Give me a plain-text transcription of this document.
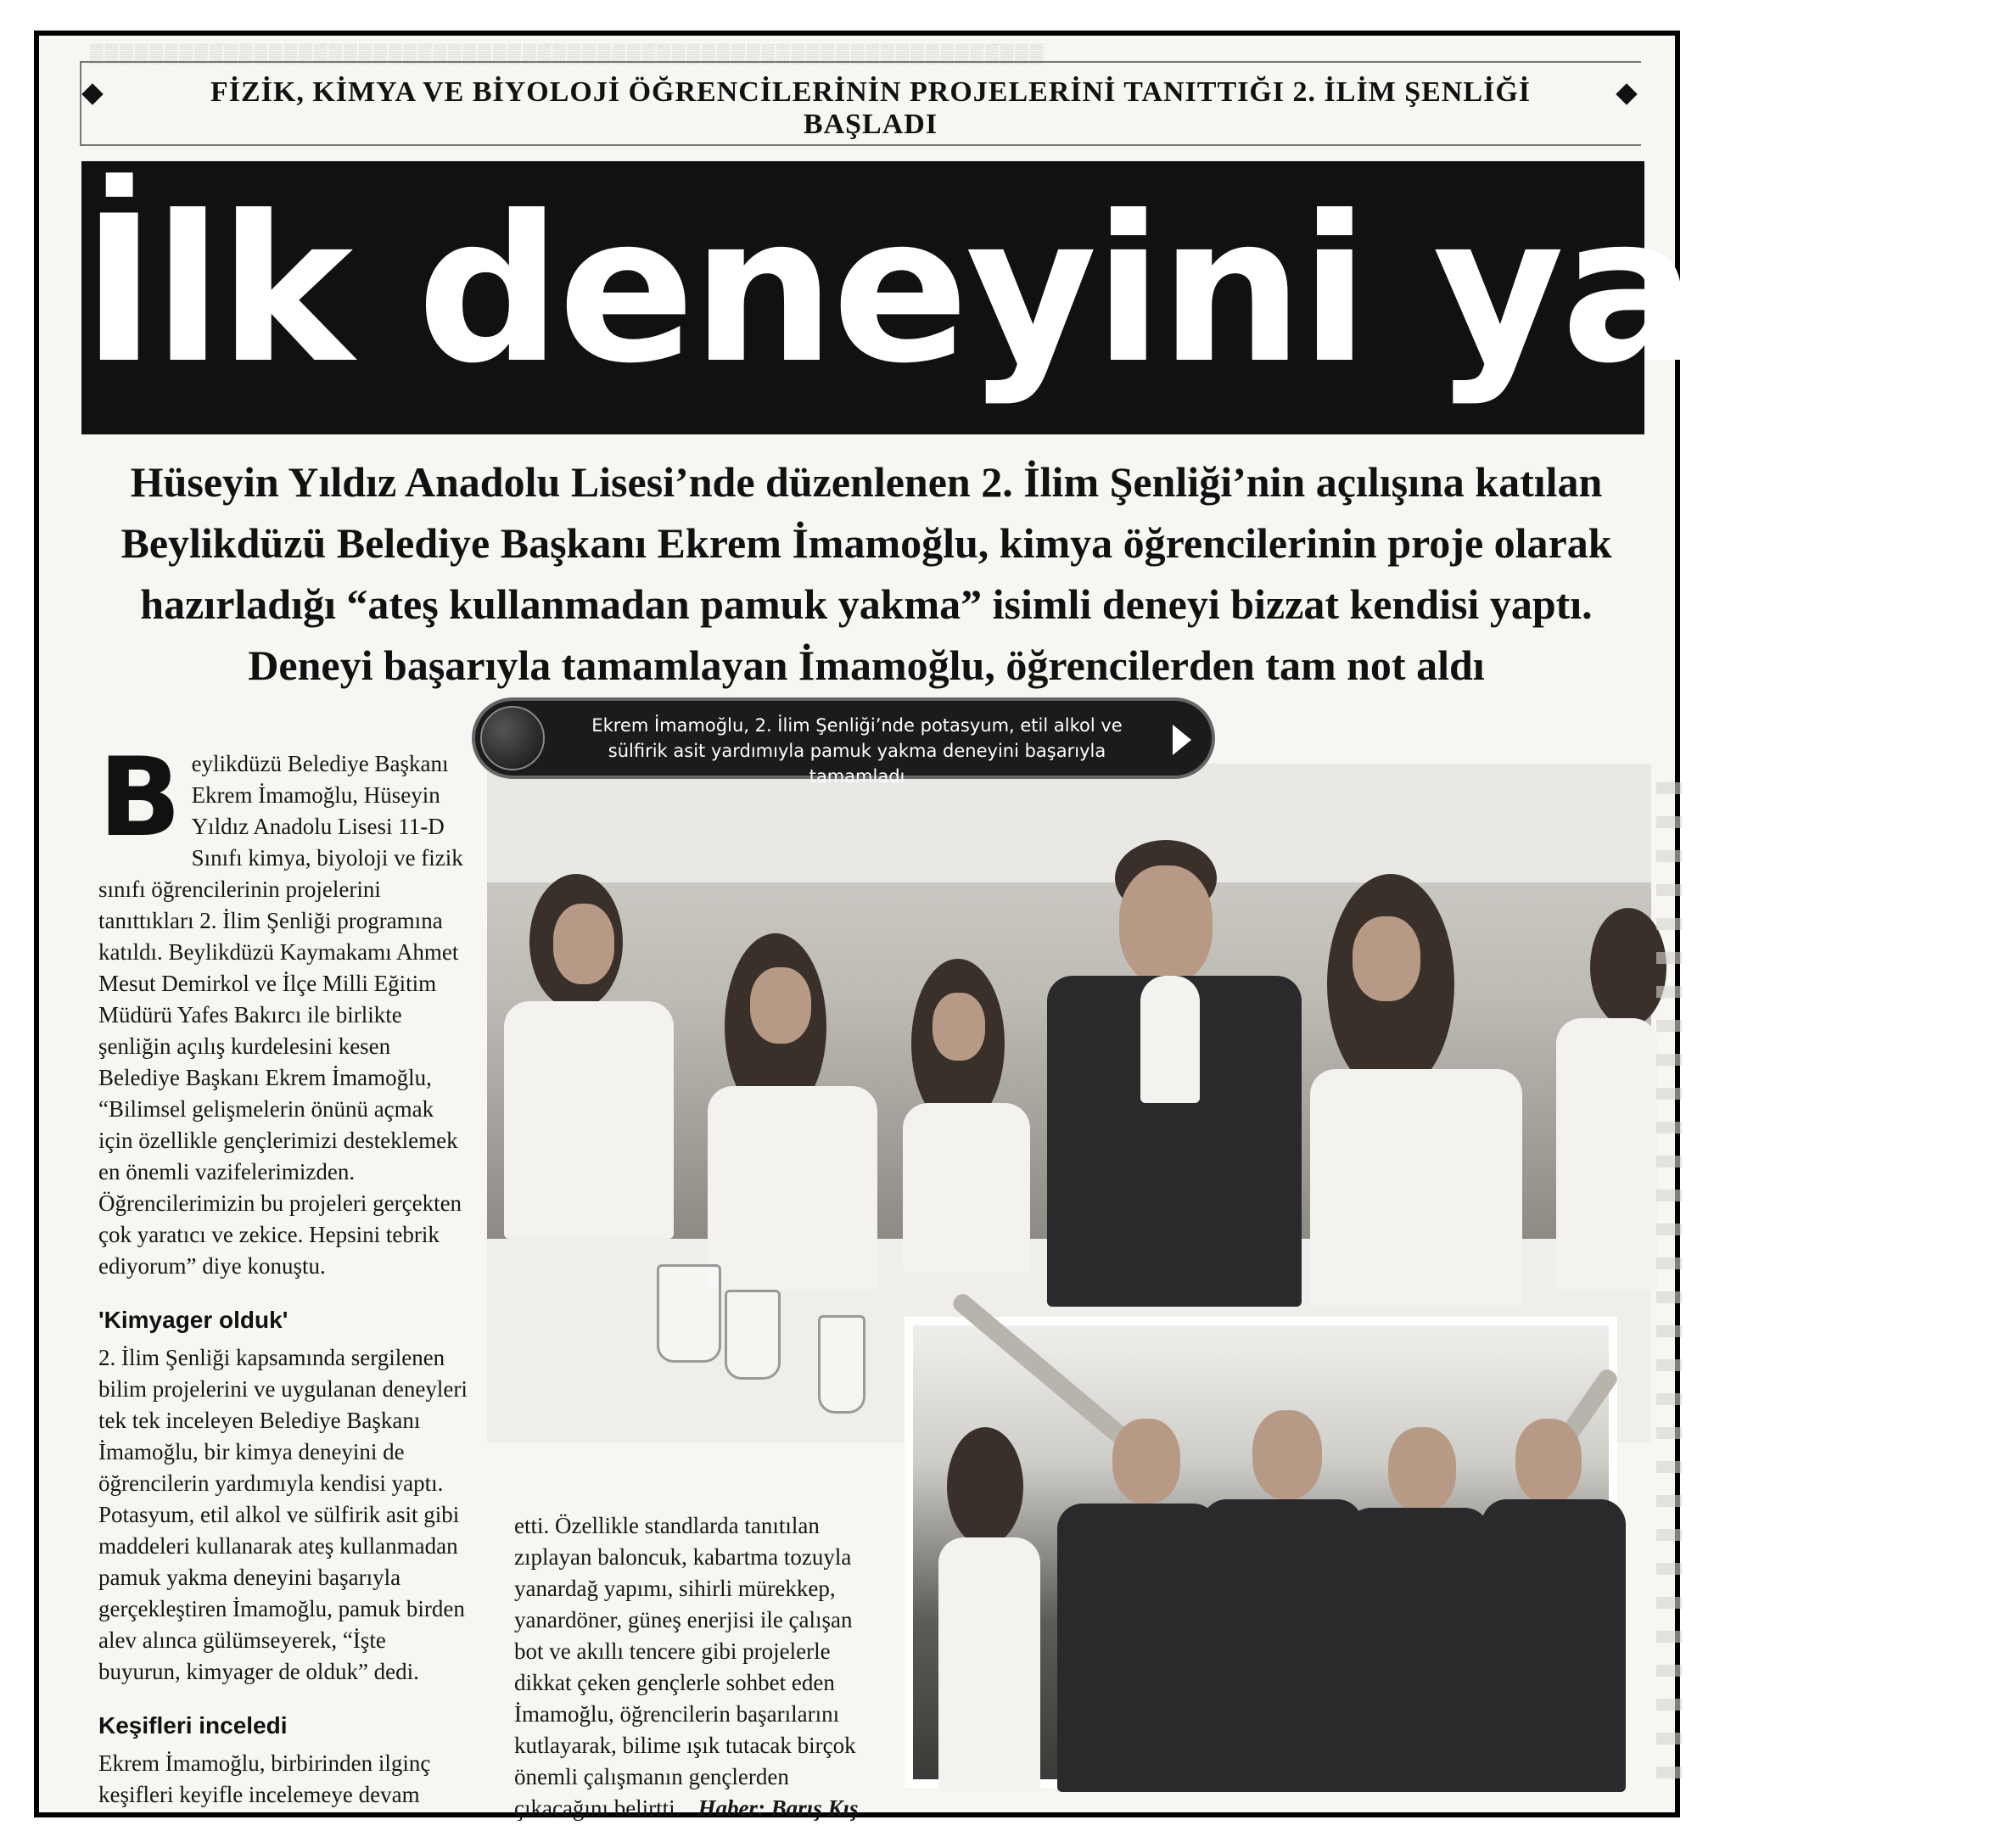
▒▒▒▒▒▒▒▒▒▒▒▒▒▒▒▒▒▒▒▒▒▒▒▒▒▒▒▒▒▒▒▒▒▒▒▒▒▒▒▒▒▒▒▒▒▒▒▒▒▒▒▒▒▒▒▒▒▒▒▒▒▒▒▒
FİZİK, KİMYA VE BİYOLOJİ ÖĞRENCİLERİNİN PROJELERİNİ TANITTIĞI 2. İLİM ŞENLİĞİ BAŞLADI
İlk deneyini yaptı
Hüseyin Yıldız Anadolu Lisesi’nde düzenlenen 2. İlim Şenliği’nin açılışına katılan Beylikdüzü Belediye Başkanı Ekrem İmamoğlu, kimya öğrencilerinin proje olarak hazırladığı “ateş kullanmadan pamuk yakma” isimli deneyi bizzat kendisi yaptı. Deneyi başarıyla tamamlayan İmamoğlu, öğrencilerden tam not aldı
Ekrem İmamoğlu, 2. İlim Şenliği’nde potasyum, etil alkol ve sülfirik asit yardımıyla pamuk yakma deneyini başarıyla tamamladı

Beylikdüzü Belediye Başkanı Ekrem İmamoğlu, Hüseyin Yıldız Anadolu Lisesi 11-D Sınıfı kimya, biyoloji ve fizik sınıfı öğrencilerinin projelerini tanıttıkları 2. İlim Şenliği programına katıldı. Beylikdüzü Kaymakamı Ahmet Mesut Demirkol ve İlçe Milli Eğitim Müdürü Yafes Bakırcı ile birlikte şenliğin açılış kurdelesini kesen Belediye Başkanı Ekrem İmamoğlu, “Bilimsel gelişmelerin önünü açmak için özellikle gençlerimizi desteklemek en önemli vazifelerimizden. Öğrencilerimizin bu projeleri gerçekten çok yaratıcı ve zekice. Hepsini tebrik ediyorum” diye konuştu.

'Kimyager olduk'

2. İlim Şenliği kapsamında sergilenen bilim projelerini ve uygulanan deneyleri tek tek inceleyen Belediye Başkanı İmamoğlu, bir kimya deneyini de öğrencilerin yardımıyla kendisi yaptı. Potasyum, etil alkol ve sülfirik asit gibi maddeleri kullanarak ateş kullanmadan pamuk yakma deneyini başarıyla gerçekleştiren İmamoğlu, pamuk birden alev alınca gülümseyerek, “İşte buyurun, kimyager de olduk” dedi.

Keşifleri inceledi

Ekrem İmamoğlu, birbirinden ilginç keşifleri keyifle incelemeye devam

etti. Özellikle standlarda tanıtılan zıplayan baloncuk, kabartma tozuyla yanardağ yapımı, sihirli mürekkep, yanardöner, güneş enerjisi ile çalışan bot ve akıllı tencere gibi projelerle dikkat çeken gençlerle sohbet eden İmamoğlu, öğrencilerin başarılarını kutlayarak, bilime ışık tutacak birçok önemli çalışmanın gençlerden çıkacağını belirtti. Haber: Barış Kış
